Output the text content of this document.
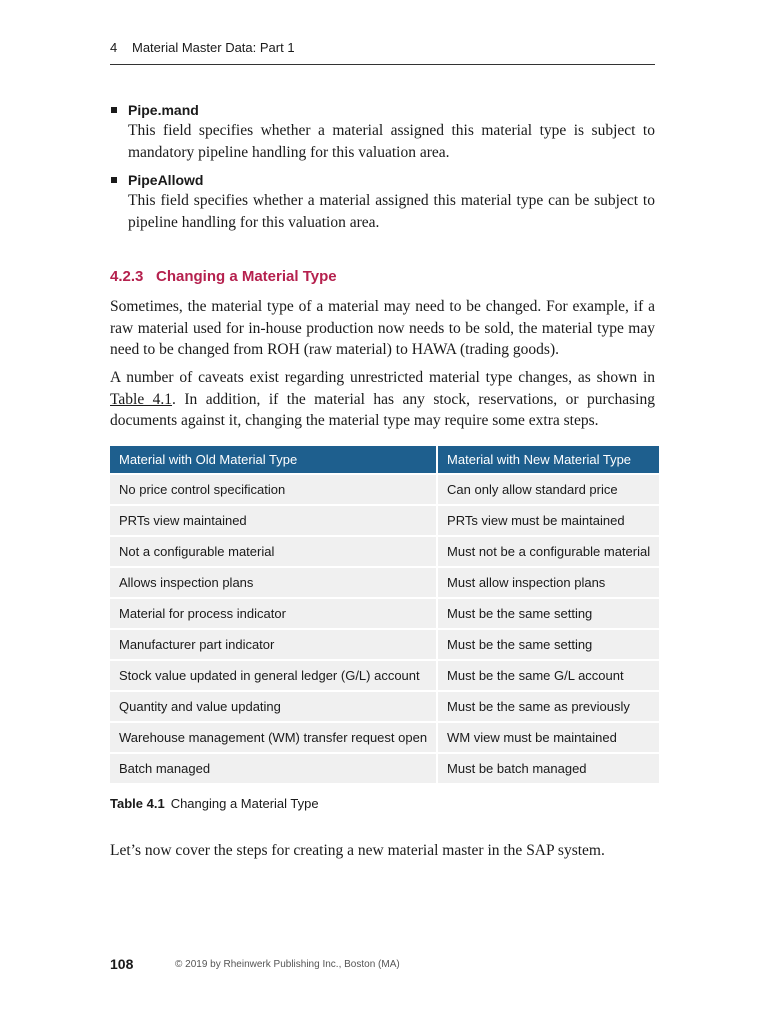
4 Material Master Data: Part 1
Pipe.mand
This field specifies whether a material assigned this material type is subject to mandatory pipeline handling for this valuation area.
PipeAllowd
This field specifies whether a material assigned this material type can be subject to pipeline handling for this valuation area.
4.2.3 Changing a Material Type
Sometimes, the material type of a material may need to be changed. For example, if a raw material used for in-house production now needs to be sold, the material type may need to be changed from ROH (raw material) to HAWA (trading goods).
A number of caveats exist regarding unrestricted material type changes, as shown in Table 4.1. In addition, if the material has any stock, reservations, or purchasing documents against it, changing the material type may require some extra steps.
Material with Old Material Type	Material with New Material Type
No price control specification	Can only allow standard price
PRTs view maintained	PRTs view must be maintained
Not a configurable material	Must not be a configurable material
Allows inspection plans	Must allow inspection plans
Material for process indicator	Must be the same setting
Manufacturer part indicator	Must be the same setting
Stock value updated in general ledger (G/L) account	Must be the same G/L account
Quantity and value updating	Must be the same as previously
Warehouse management (WM) transfer request open	WM view must be maintained
Batch managed	Must be batch managed
Table 4.1 Changing a Material Type
Let’s now cover the steps for creating a new material master in the SAP system.
108	© 2019 by Rheinwerk Publishing Inc., Boston (MA)
